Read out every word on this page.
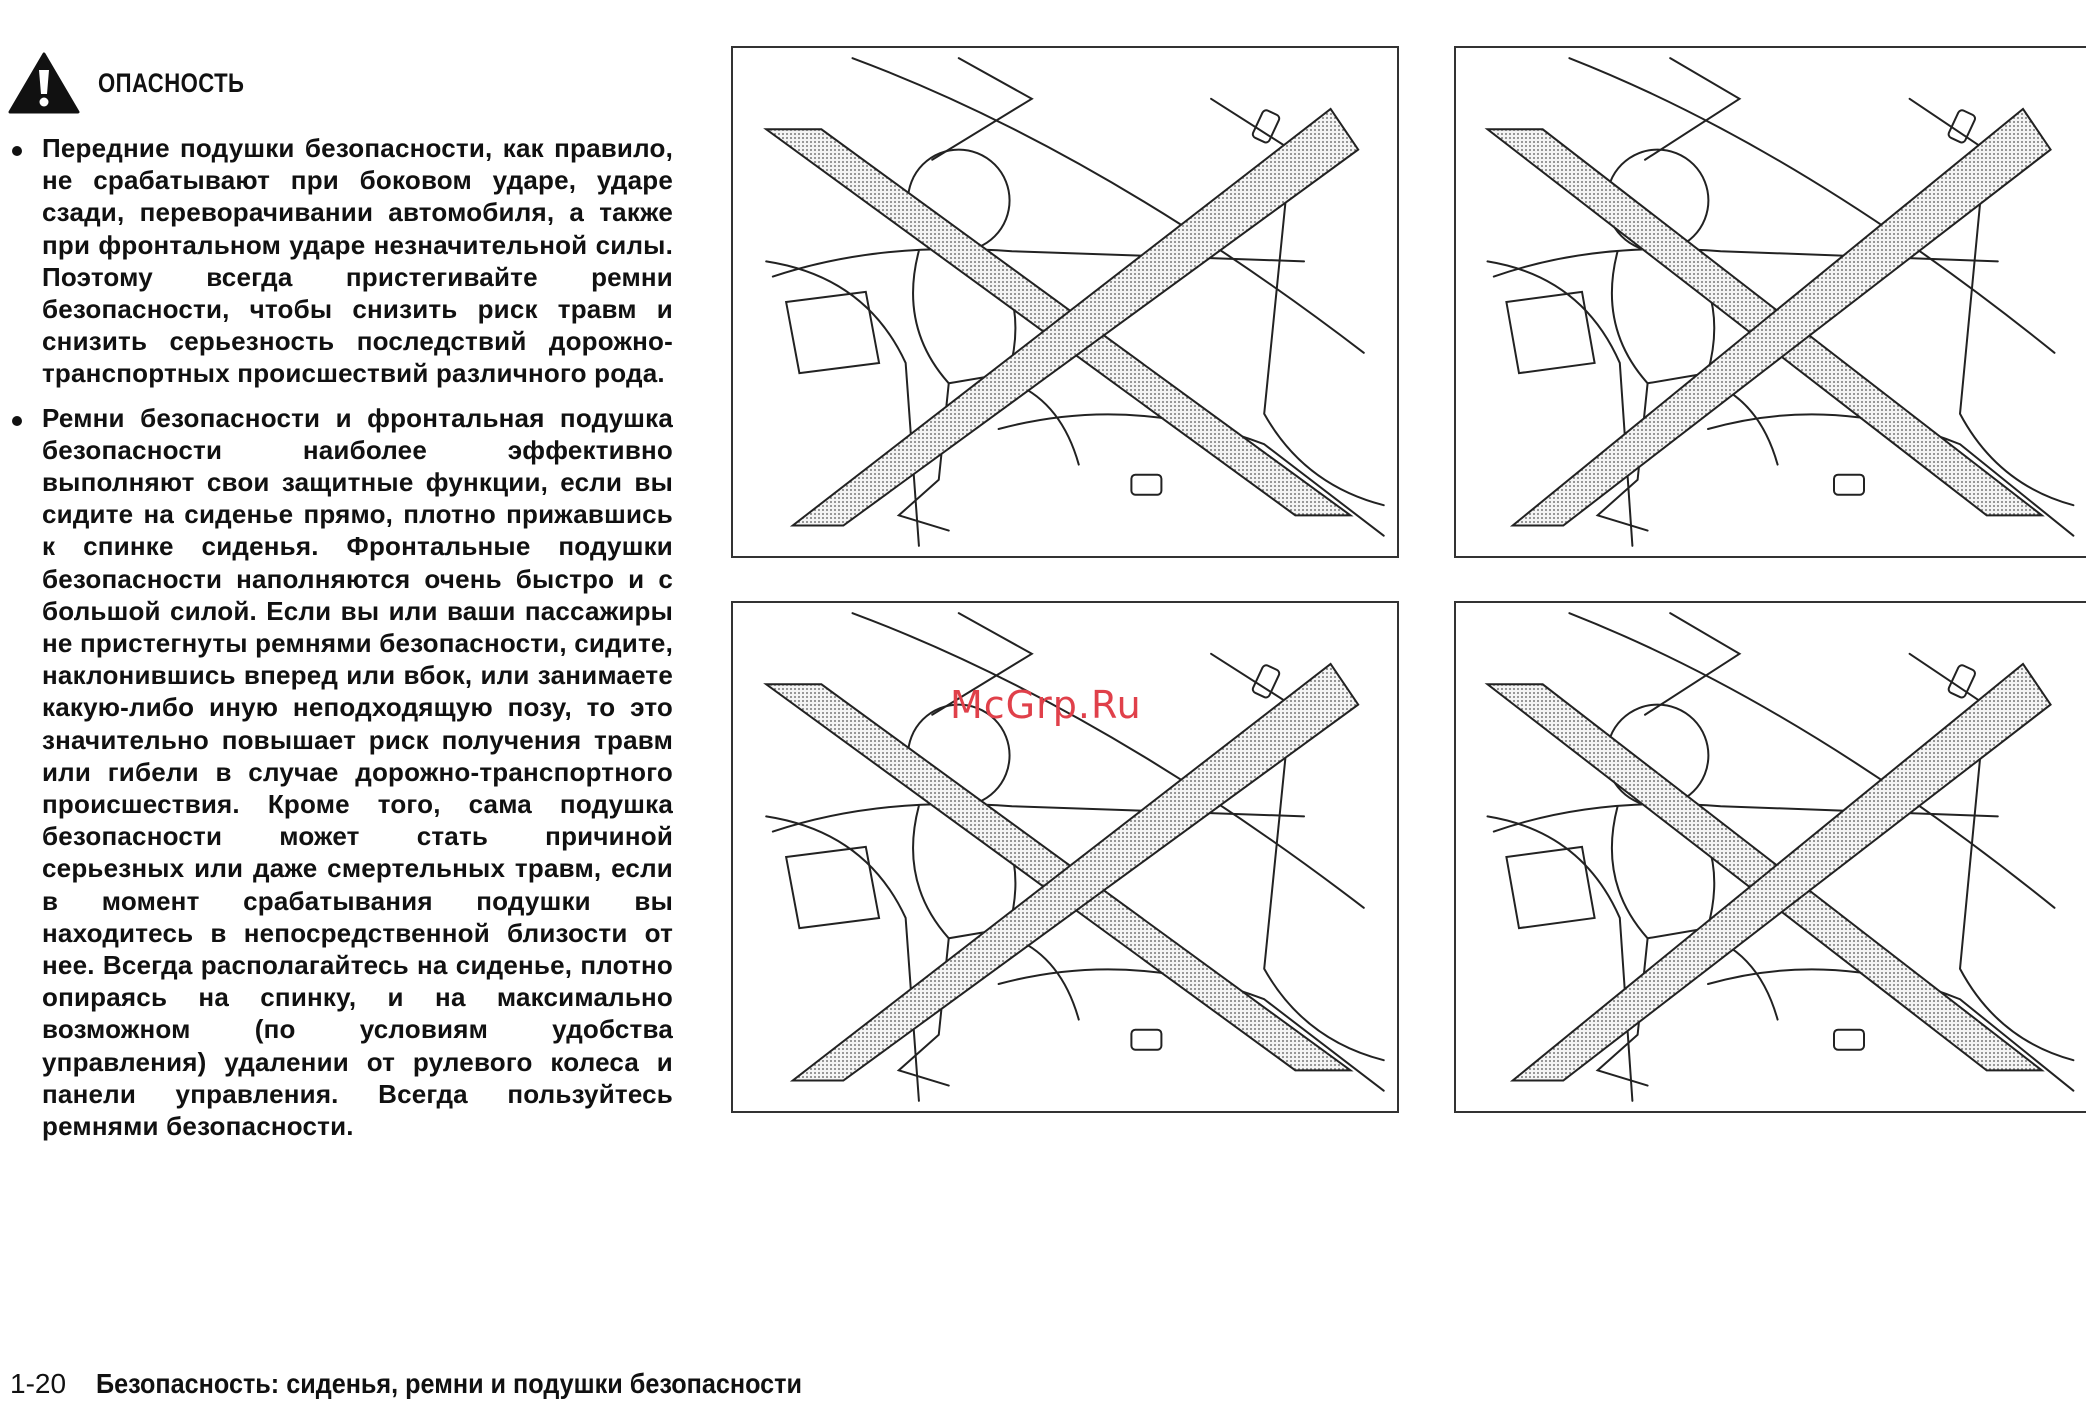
ОПАСНОСТЬ

Передние подушки безопасности, как правило, не срабатывают при боковом ударе, ударе сзади, переворачивании автомобиля, а также при фронтальном ударе незначительной силы. Поэтому всегда пристегивайте ремни безопасности, чтобы снизить риск травм и снизить серьезность последствий дорожно-транспортных происшествий различного рода.

Ремни безопасности и фронтальная подушка безопасности наиболее эффективно выполняют свои защитные функции, если вы сидите на сиденье прямо, плотно прижавшись к спинке сиденья. Фронтальные подушки безопасности наполняются очень быстро и с большой силой. Если вы или ваши пассажиры не пристегнуты ремнями безопасности, сидите, наклонившись вперед или вбок, или занимаете какую-либо иную неподходящую позу, то это значительно повышает риск получения травм или гибели в случае дорожно-транспортного происшествия. Кроме того, сама подушка безопасности может стать причиной серьезных или даже смертельных травм, если в момент срабатывания подушки вы находитесь в непосредственной близости от нее. Всегда располагайтесь на сиденье, плотно опираясь на спинку, и на максимально возможном (по условиям удобства управления) удалении от рулевого колеса и панели управления. Всегда пользуйтесь ремнями безопасности.

McGrp.Ru
1-20 Безопасность: сиденья, ремни и подушки безопасности
